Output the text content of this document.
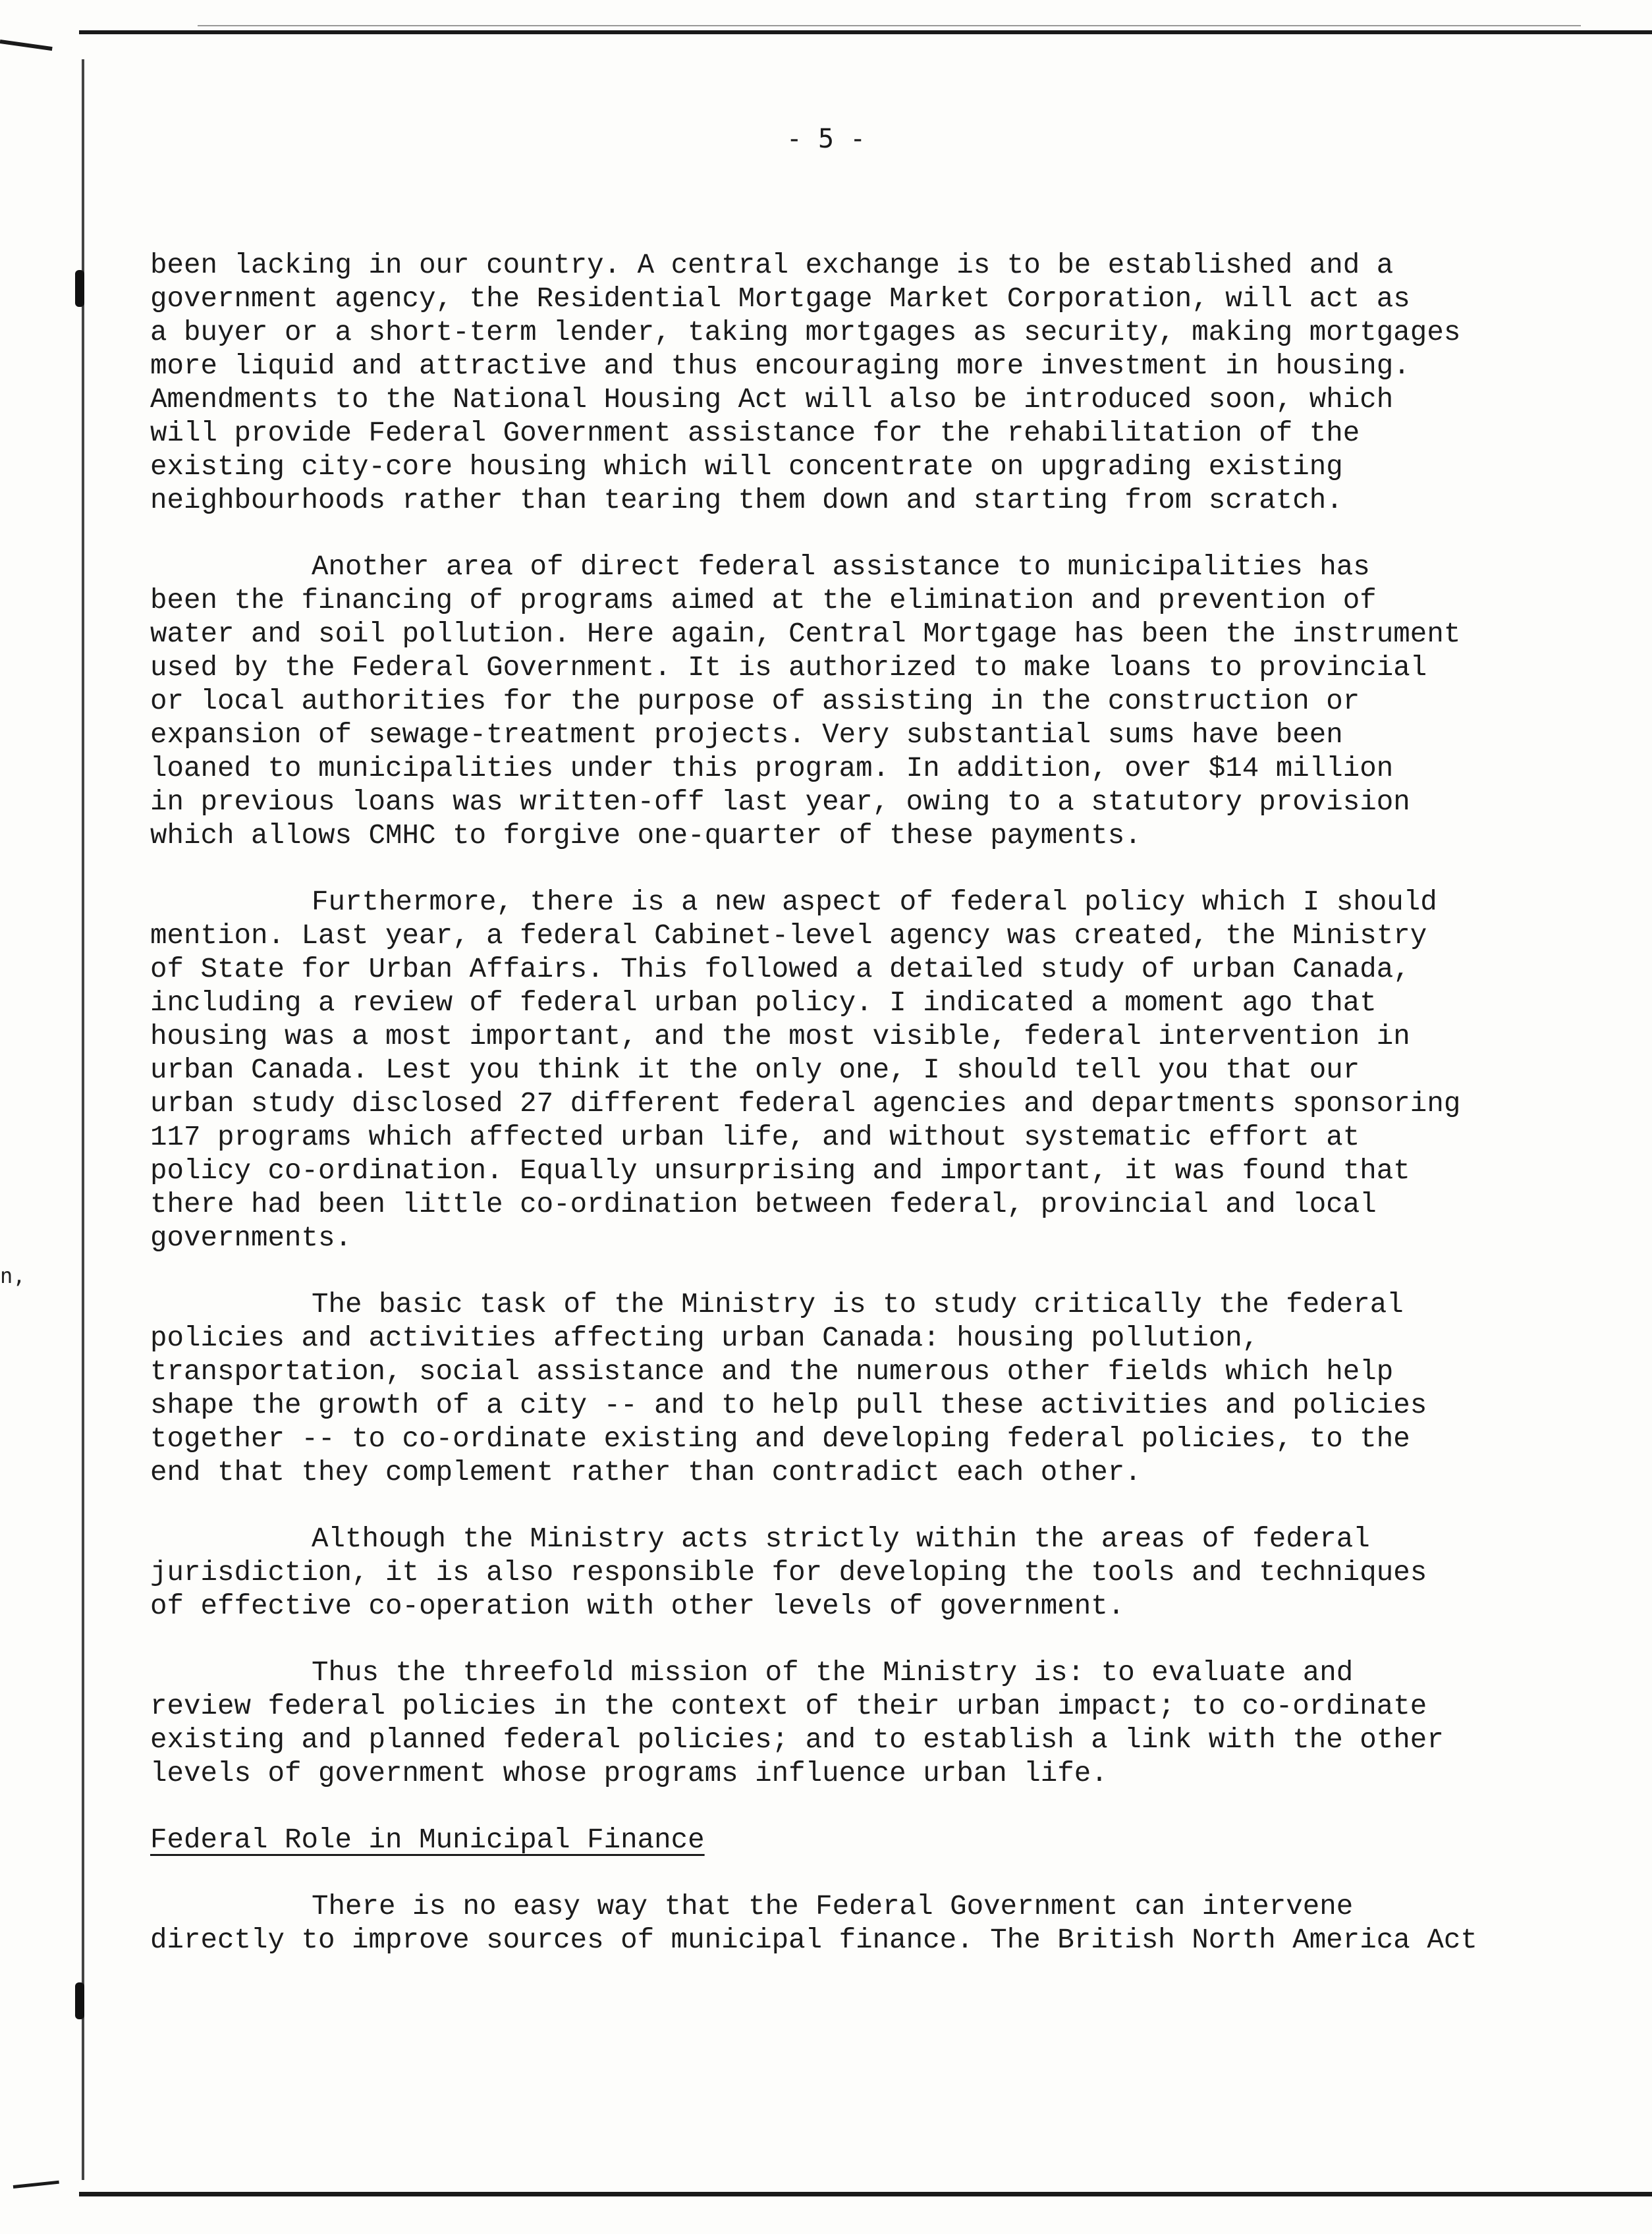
n,
- 5 -

been lacking in our country. A central exchange is to be established and a
government agency, the Residential Mortgage Market Corporation, will act as
a buyer or a short-term lender, taking mortgages as security, making mortgages
more liquid and attractive and thus encouraging more investment in housing.
Amendments to the National Housing Act will also be introduced soon, which
will provide Federal Government assistance for the rehabilitation of the
existing city-core housing which will concentrate on upgrading existing
neighbourhoods rather than tearing them down and starting from scratch.

Another area of direct federal assistance to municipalities has
been the financing of programs aimed at the elimination and prevention of
water and soil pollution. Here again, Central Mortgage has been the instrument
used by the Federal Government. It is authorized to make loans to provincial
or local authorities for the purpose of assisting in the construction or
expansion of sewage-treatment projects. Very substantial sums have been
loaned to municipalities under this program. In addition, over $14 million
in previous loans was written-off last year, owing to a statutory provision
which allows CMHC to forgive one-quarter of these payments.

Furthermore, there is a new aspect of federal policy which I should
mention. Last year, a federal Cabinet-level agency was created, the Ministry
of State for Urban Affairs. This followed a detailed study of urban Canada,
including a review of federal urban policy. I indicated a moment ago that
housing was a most important, and the most visible, federal intervention in
urban Canada. Lest you think it the only one, I should tell you that our
urban study disclosed 27 different federal agencies and departments sponsoring
117 programs which affected urban life, and without systematic effort at
policy co-ordination. Equally unsurprising and important, it was found that
there had been little co-ordination between federal, provincial and local
governments.

The basic task of the Ministry is to study critically the federal
policies and activities affecting urban Canada: housing pollution,
transportation, social assistance and the numerous other fields which help
shape the growth of a city -- and to help pull these activities and policies
together -- to co-ordinate existing and developing federal policies, to the
end that they complement rather than contradict each other.

Although the Ministry acts strictly within the areas of federal
jurisdiction, it is also responsible for developing the tools and techniques
of effective co-operation with other levels of government.

Thus the threefold mission of the Ministry is: to evaluate and
review federal policies in the context of their urban impact; to co-ordinate
existing and planned federal policies; and to establish a link with the other
levels of government whose programs influence urban life.

Federal Role in Municipal Finance

There is no easy way that the Federal Government can intervene
directly to improve sources of municipal finance. The British North America Act
